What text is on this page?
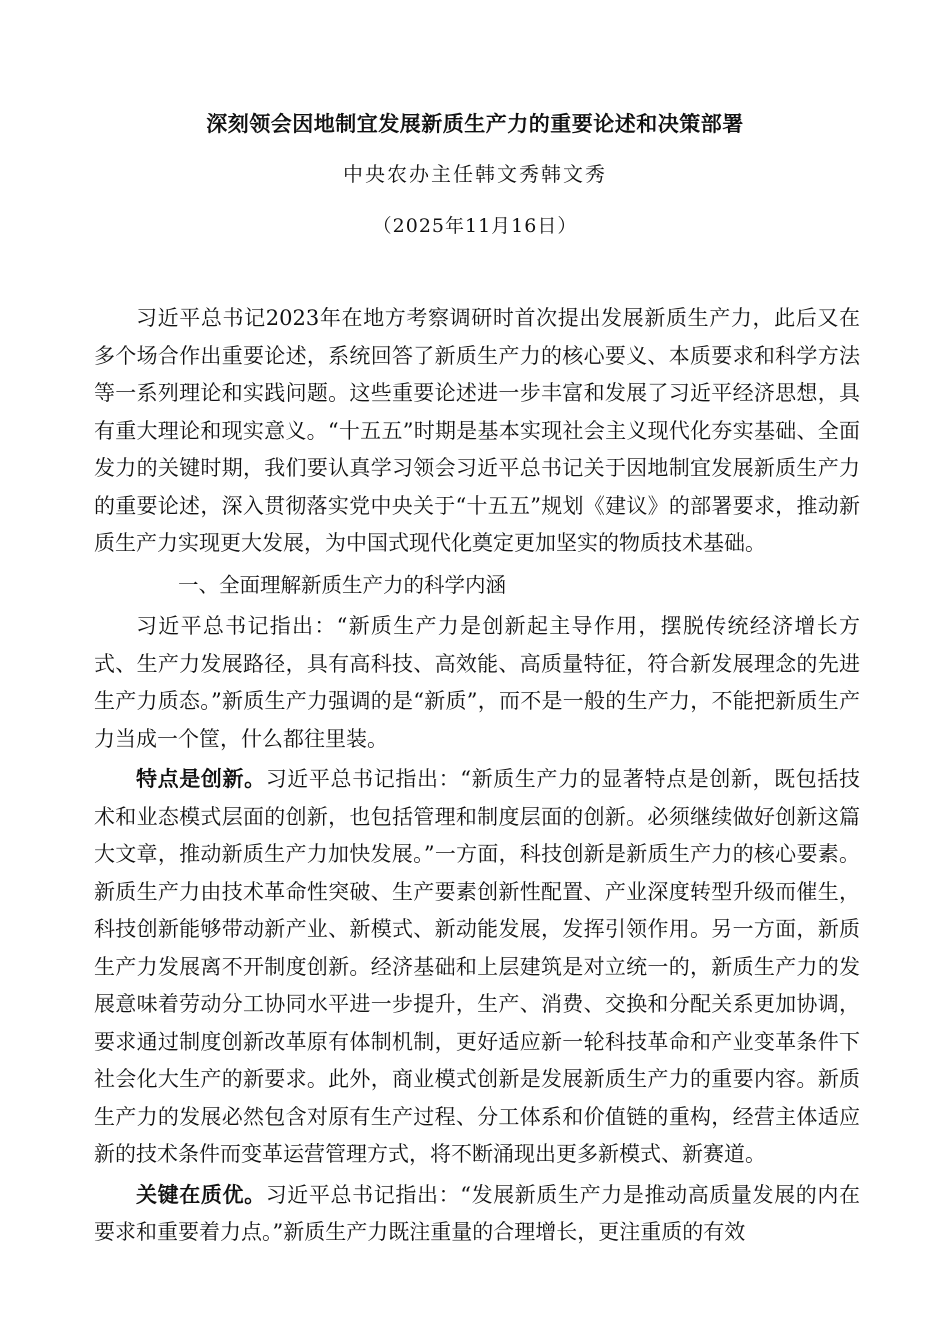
深刻领会因地制宜发展新质生产力的重要论述和决策部署
中央农办主任韩文秀韩文秀
（2025年11月16日）

习近平总书记2023年在地方考察调研时首次提出发展新质生产力，此后又在多个场合作出重要论述，系统回答了新质生产力的核心要义、本质要求和科学方法等一系列理论和实践问题。这些重要论述进一步丰富和发展了习近平经济思想，具有重大理论和现实意义。“十五五”时期是基本实现社会主义现代化夯实基础、全面发力的关键时期，我们要认真学习领会习近平总书记关于因地制宜发展新质生产力的重要论述，深入贯彻落实党中央关于“十五五”规划《建议》的部署要求，推动新质生产力实现更大发展，为中国式现代化奠定更加坚实的物质技术基础。

一、全面理解新质生产力的科学内涵

习近平总书记指出：“新质生产力是创新起主导作用，摆脱传统经济增长方式、生产力发展路径，具有高科技、高效能、高质量特征，符合新发展理念的先进生产力质态。”新质生产力强调的是“新质”，而不是一般的生产力，不能把新质生产力当成一个筐，什么都往里装。

特点是创新。习近平总书记指出：“新质生产力的显著特点是创新，既包括技术和业态模式层面的创新，也包括管理和制度层面的创新。必须继续做好创新这篇大文章，推动新质生产力加快发展。”一方面，科技创新是新质生产力的核心要素。新质生产力由技术革命性突破、生产要素创新性配置、产业深度转型升级而催生，科技创新能够带动新产业、新模式、新动能发展，发挥引领作用。另一方面，新质生产力发展离不开制度创新。经济基础和上层建筑是对立统一的，新质生产力的发展意味着劳动分工协同水平进一步提升，生产、消费、交换和分配关系更加协调，要求通过制度创新改革原有体制机制，更好适应新一轮科技革命和产业变革条件下社会化大生产的新要求。此外，商业模式创新是发展新质生产力的重要内容。新质生产力的发展必然包含对原有生产过程、分工体系和价值链的重构，经营主体适应新的技术条件而变革运营管理方式，将不断涌现出更多新模式、新赛道。

关键在质优。习近平总书记指出：“发展新质生产力是推动高质量发展的内在要求和重要着力点。”新质生产力既注重量的合理增长，更注重质的有效
